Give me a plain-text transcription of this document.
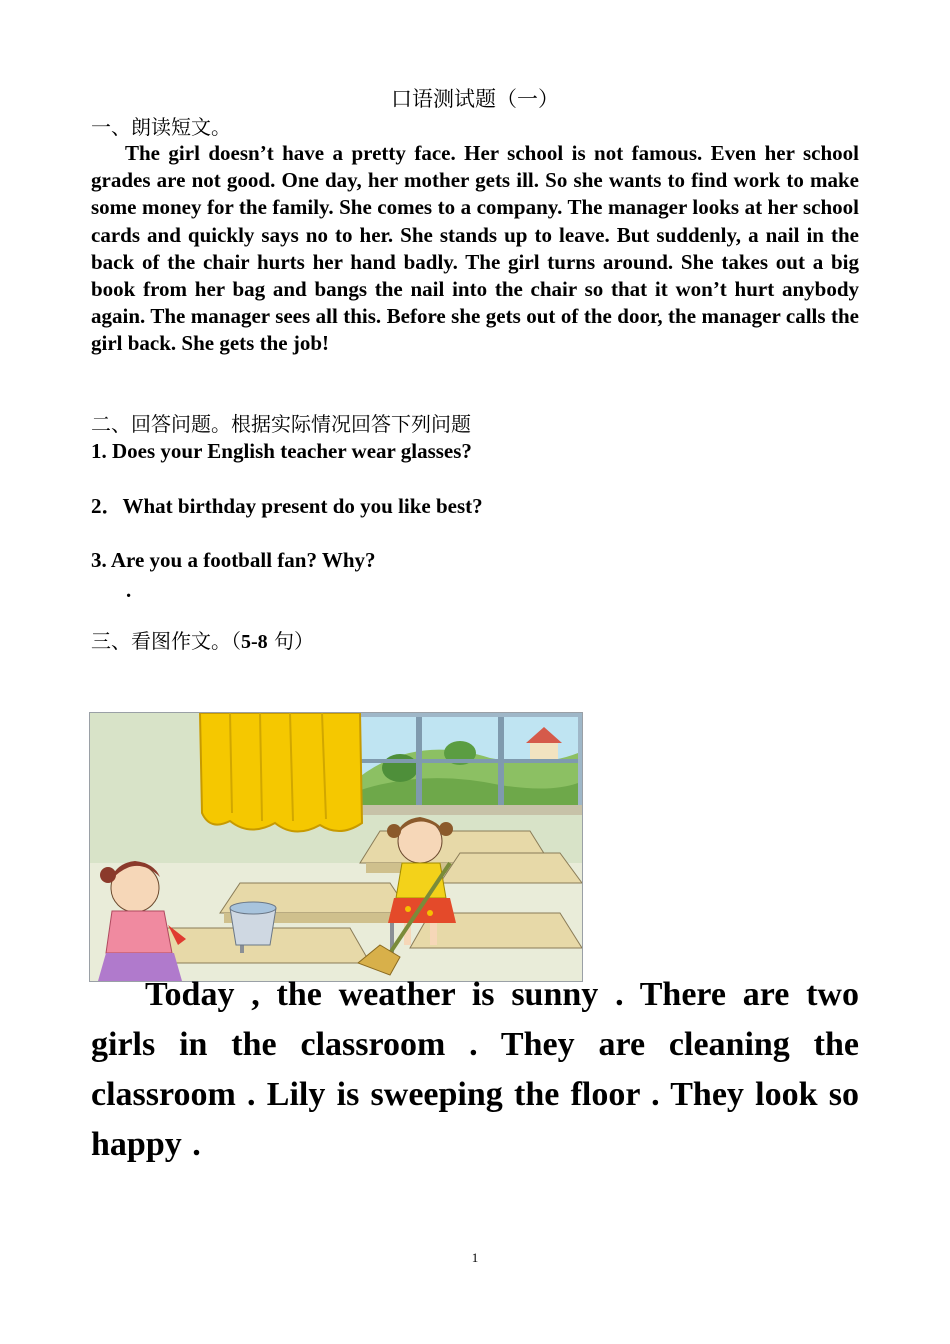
口语测试题（一）
一、朗读短文。
The girl doesn’t have a pretty face. Her school is not famous. Even her school grades are not good. One day, her mother gets ill. So she wants to find work to make some money for the family. She comes to a company. The manager looks at her school cards and quickly says no to her. She stands up to leave. But suddenly, a nail in the back of the chair hurts her hand badly. The girl turns around. She takes out a big book from her bag and bangs the nail into the chair so that it won’t hurt anybody again. The manager sees all this. Before she gets out of the door, the manager calls the girl back. She gets the job!
二、回答问题。根据实际情况回答下列问题
1. Does your English teacher wear glasses?
2．What birthday present do you like best?
3. Are you a football fan? Why?
.
三、看图作文。（5-8 句）
Today , the weather is sunny . There are two girls in the classroom . They are cleaning the classroom . Lily is sweeping the floor . They look so happy .
1
